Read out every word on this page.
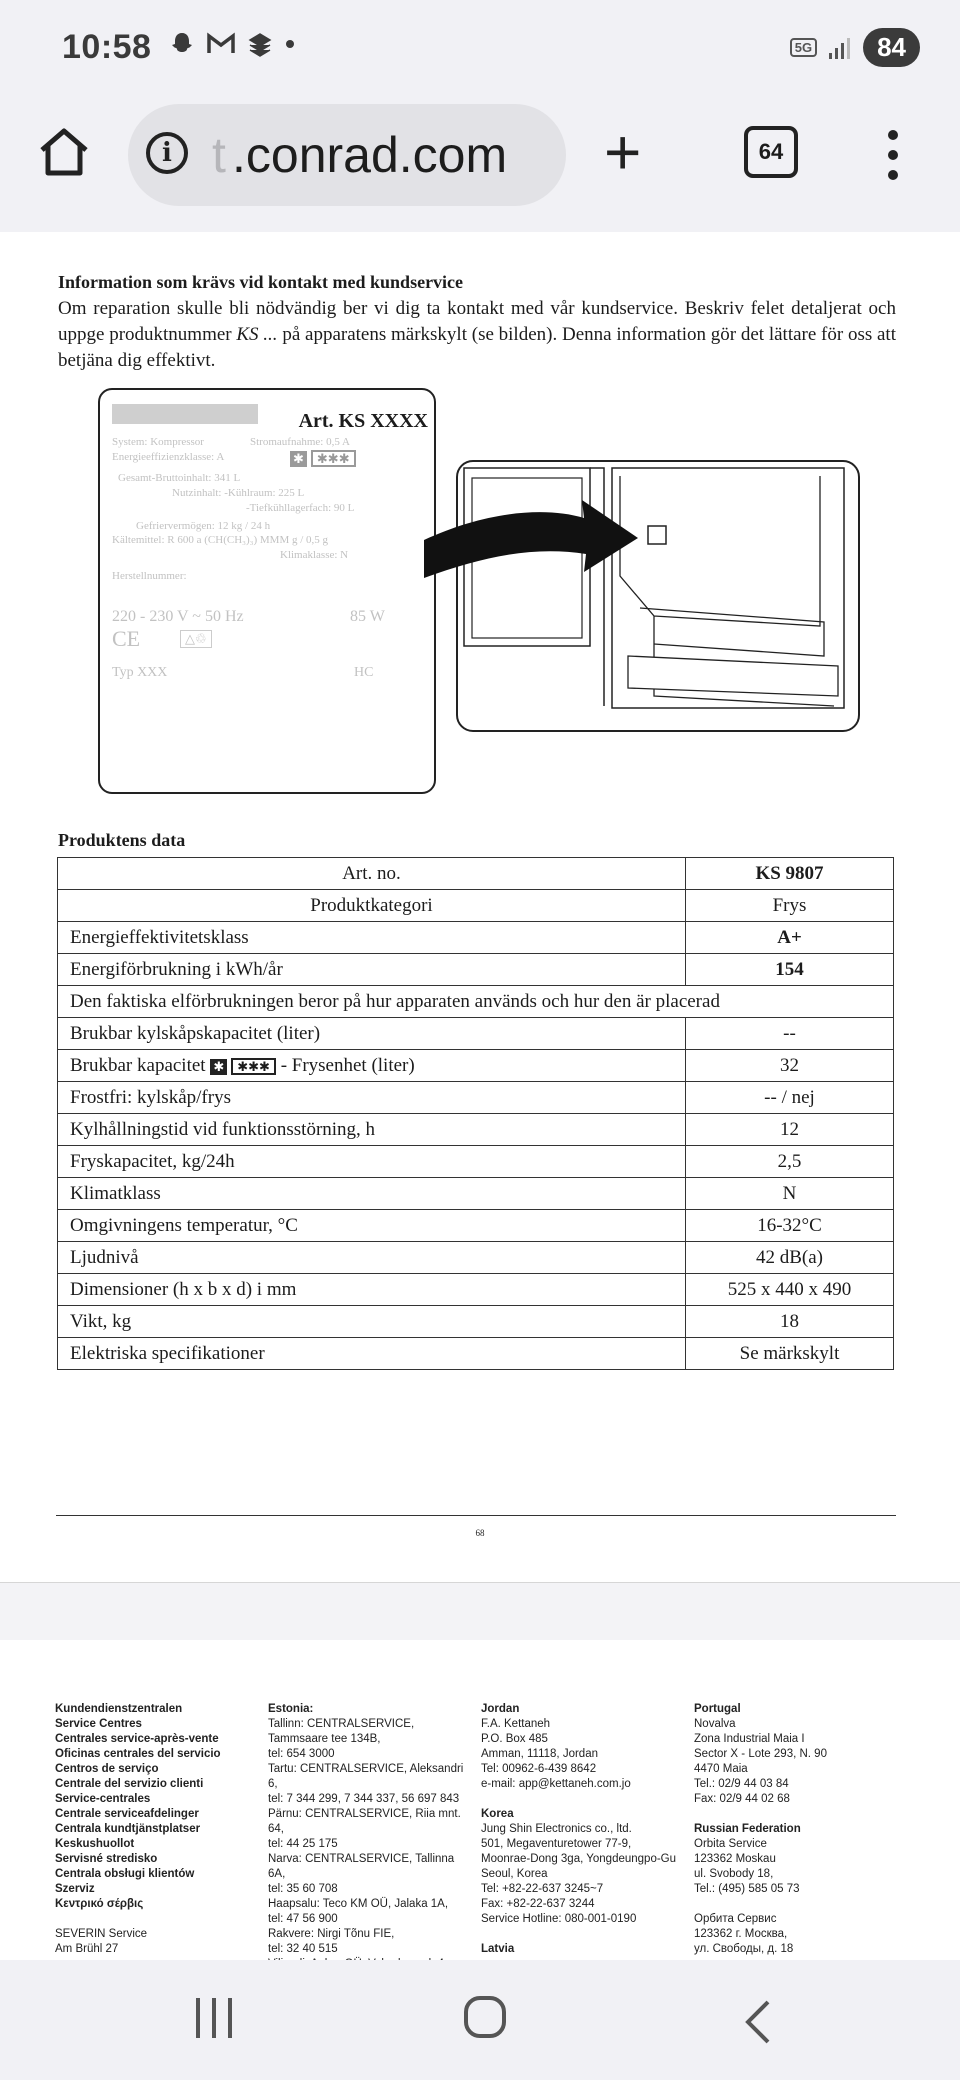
10:58	5G	84
i t .conrad.com +	64
Information som krävs vid kontakt med kundservice
Om reparation skulle bli nödvändig ber vi dig ta kontakt med vår kundservice. Beskriv felet detaljerat och uppge produktnummer KS ... på apparatens märkskylt (se bilden). Denna information gör det lättare för oss att betjäna dig effektivt.
Art. KS XXXX
System: Kompressor	Stromaufnahme: 0,5 A
Energieeffizienzklasse: A	✱	✱✱✱
Gesamt-Bruttoinhalt: 341 L
Nutzinhalt: -Kühlraum: 225 L
-Tiefkühllagerfach: 90 L
Gefriervermögen: 12 kg / 24 h
Kältemittel: R 600 a (CH(CH₃)₃) MMM g / 0,5 g
Klimaklasse: N
Herstellnummer:
220 - 230 V ~ 50 Hz	85 W
CE	△♲
Typ XXX	HC
Produktens data
Art. no.	KS 9807
Produktkategori	Frys
Energieffektivitetsklass	A+
Energiförbrukning i kWh/år	154
Den faktiska elförbrukningen beror på hur apparaten används och hur den är placerad	
Brukbar kylskåpskapacitet (liter)	--
Brukbar kapacitet ✱ ✱✱✱ - Frysenhet (liter)	32
Frostfri: kylskåp/frys	-- / nej
Kylhållningstid vid funktionsstörning, h	12
Fryskapacitet, kg/24h	2,5
Klimatklass	N
Omgivningens temperatur, °C	16-32°C
Ljudnivå	42 dB(a)
Dimensioner (h x b x d) i mm	525 x 440 x 490
Vikt, kg	18
Elektriska specifikationer	Se märkskylt
68
Kundendienstzentralen
Service Centres
Centrales service-après-vente
Oficinas centrales del servicio
Centros de serviço
Centrale del servizio clienti
Service-centrales
Centrale serviceafdelinger
Centrala kundtjänstplatser
Keskushuollot
Servisné stredisko
Centrala obsługi klientów
Szerviz
Κεντρικό σέρβις

SEVERIN Service
Am Brühl 27
Estonia:
Tallinn: CENTRALSERVICE,
Tammsaare tee 134B,
tel: 654 3000
Tartu: CENTRALSERVICE, Aleksandri 6,
tel: 7 344 299, 7 344 337, 56 697 843
Pärnu: CENTRALSERVICE, Riia mnt. 64,
tel: 44 25 175
Narva: CENTRALSERVICE, Tallinna 6A,
tel: 35 60 708
Haapsalu: Teco KM OÜ, Jalaka 1A,
tel: 47 56 900
Rakvere: Nirgi Tõnu FIE,
tel: 32 40 515
Jordan
F.A. Kettaneh
P.O. Box 485
Amman, 11118, Jordan
Tel: 00962-6-439 8642
e-mail: app@kettaneh.com.jo

Korea
Jung Shin Electronics co., ltd.
501, Megaventuretower 77-9,
Moonrae-Dong 3ga, Yongdeungpo-Gu
Seoul, Korea
Tel: +82-22-637 3245~7
Fax: +82-22-637 3244
Service Hotline: 080-001-0190

Latvia
Portugal
Novalva
Zona Industrial Maia I
Sector X - Lote 293, N. 90
4470 Maia
Tel.: 02/9 44 03 84
Fax: 02/9 44 02 68

Russian Federation
Orbita Service
123362 Moskau
ul. Svobody 18,
Tel.: (495) 585 05 73

Орбита Сервис
123362 г. Москва,
ул. Свободы, д. 18
